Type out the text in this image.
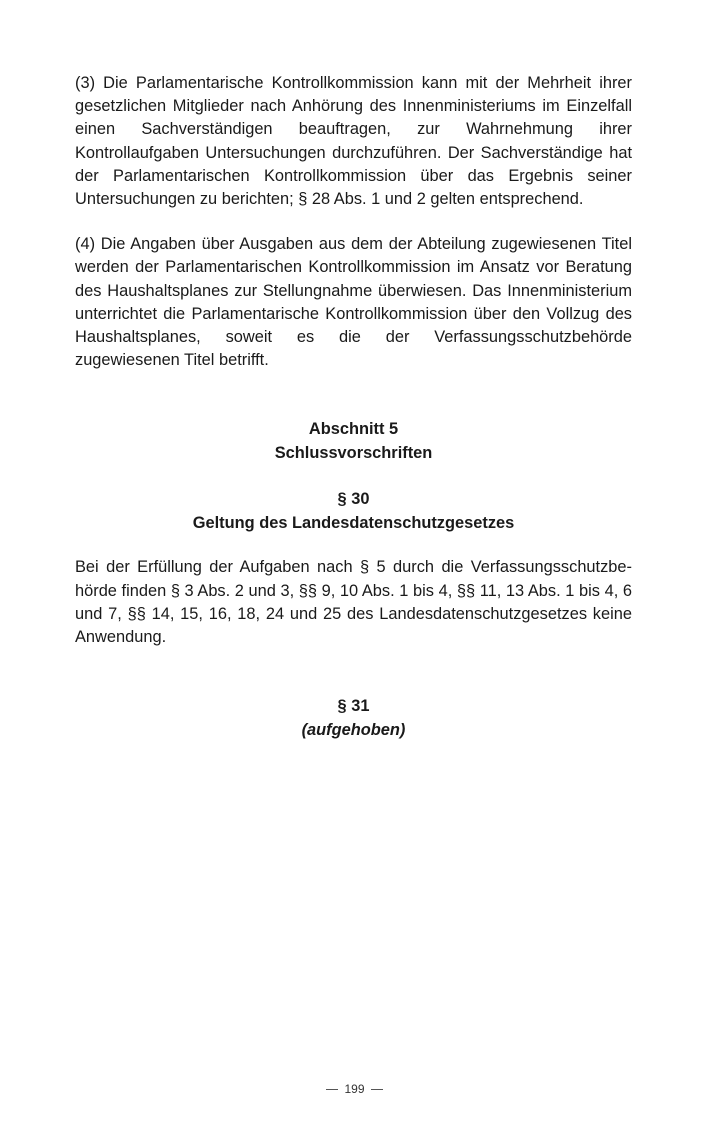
(3) Die Parlamentarische Kontrollkommission kann mit der Mehrheit ihrer gesetzlichen Mitglieder nach Anhörung des Innenministeriums im Einzelfall einen Sachverständigen beauftragen, zur Wahrnehmung ihrer Kontrollaufgaben Untersuchungen durchzuführen. Der Sachverständige hat der Parlamentarischen Kontrollkommission über das Ergebnis seiner Untersuchungen zu berichten; § 28 Abs. 1 und 2 gelten entsprechend.

(4) Die Angaben über Ausgaben aus dem der Abteilung zugewiesenen Titel werden der Parlamentarischen Kontrollkommission im Ansatz vor Beratung des Haushaltsplanes zur Stellungnahme überwiesen. Das Innenministerium unterrichtet die Parlamentarische Kontrollkommission über den Vollzug des Haushaltsplanes, soweit es die der Verfassungsschutzbehörde zugewiesenen Titel betrifft.

Abschnitt 5
Schlussvorschriften
§ 30
Geltung des Landesdatenschutzgesetzes

Bei der Erfüllung der Aufgaben nach § 5 durch die Verfassungsschutzbehörde finden § 3 Abs. 2 und 3, §§ 9, 10 Abs. 1 bis 4, §§ 11, 13 Abs. 1 bis 4, 6 und 7, §§ 14, 15, 16, 18, 24 und 25 des Landesdatenschutzgesetzes keine Anwendung.

§ 31
(aufgehoben)
199
